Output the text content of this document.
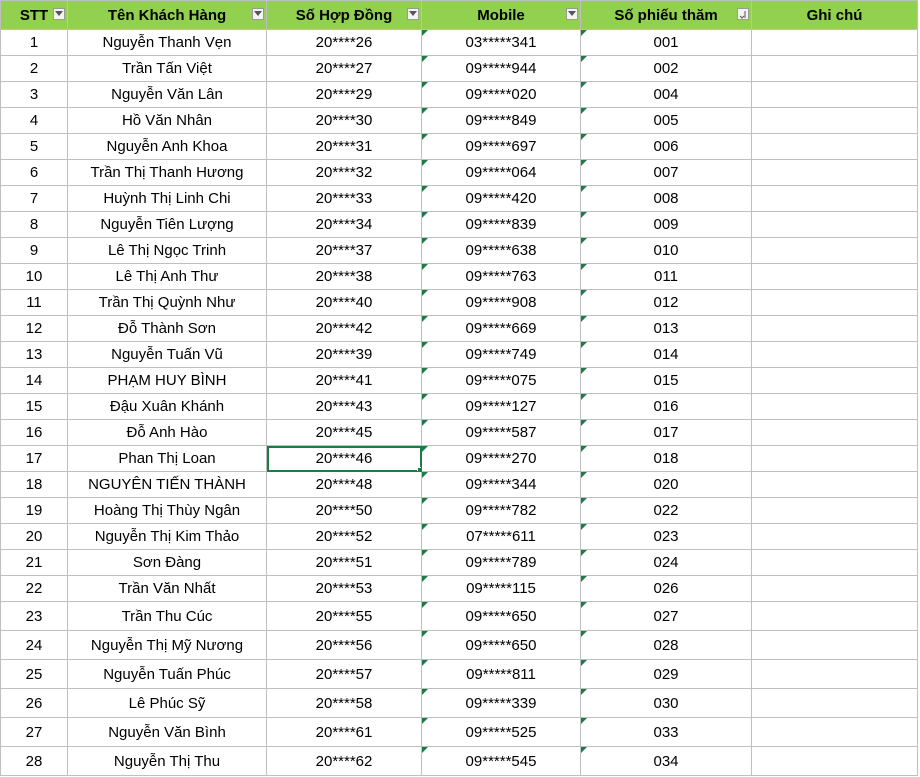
STT	Tên Khách Hàng	Số Hợp Đồng	Mobile	Số phiếu thăm	Ghi chú
1	Nguyễn Thanh Vẹn	20****26	03*****341	001	
2	Trần Tấn Việt	20****27	09*****944	002	
3	Nguyễn Văn Lân	20****29	09*****020	004	
4	Hồ Văn Nhân	20****30	09*****849	005	
5	Nguyễn Anh Khoa	20****31	09*****697	006	
6	Trần Thị Thanh Hương	20****32	09*****064	007	
7	Huỳnh Thị Linh Chi	20****33	09*****420	008	
8	Nguyễn Tiên Lượng	20****34	09*****839	009	
9	Lê Thị Ngọc Trinh	20****37	09*****638	010	
10	Lê Thị Anh Thư	20****38	09*****763	011	
11	Trần Thị Quỳnh Như	20****40	09*****908	012	
12	Đỗ Thành Sơn	20****42	09*****669	013	
13	Nguyễn Tuấn Vũ	20****39	09*****749	014	
14	PHẠM HUY BÌNH	20****41	09*****075	015	
15	Đậu Xuân Khánh	20****43	09*****127	016	
16	Đỗ Anh Hào	20****45	09*****587	017	
17	Phan Thị Loan	20****46	09*****270	018	
18	NGUYÊN TIẾN THÀNH	20****48	09*****344	020	
19	Hoàng Thị Thùy Ngân	20****50	09*****782	022	
20	Nguyễn Thị Kim Thảo	20****52	07*****611	023	
21	Sơn Đàng	20****51	09*****789	024	
22	Trần Văn Nhất	20****53	09*****115	026	
23	Trần Thu Cúc	20****55	09*****650	027	
24	Nguyễn Thị Mỹ Nương	20****56	09*****650	028	
25	Nguyễn Tuấn Phúc	20****57	09*****811	029	
26	Lê Phúc Sỹ	20****58	09*****339	030	
27	Nguyễn Văn Bình	20****61	09*****525	033	
28	Nguyễn Thị Thu	20****62	09*****545	034	
